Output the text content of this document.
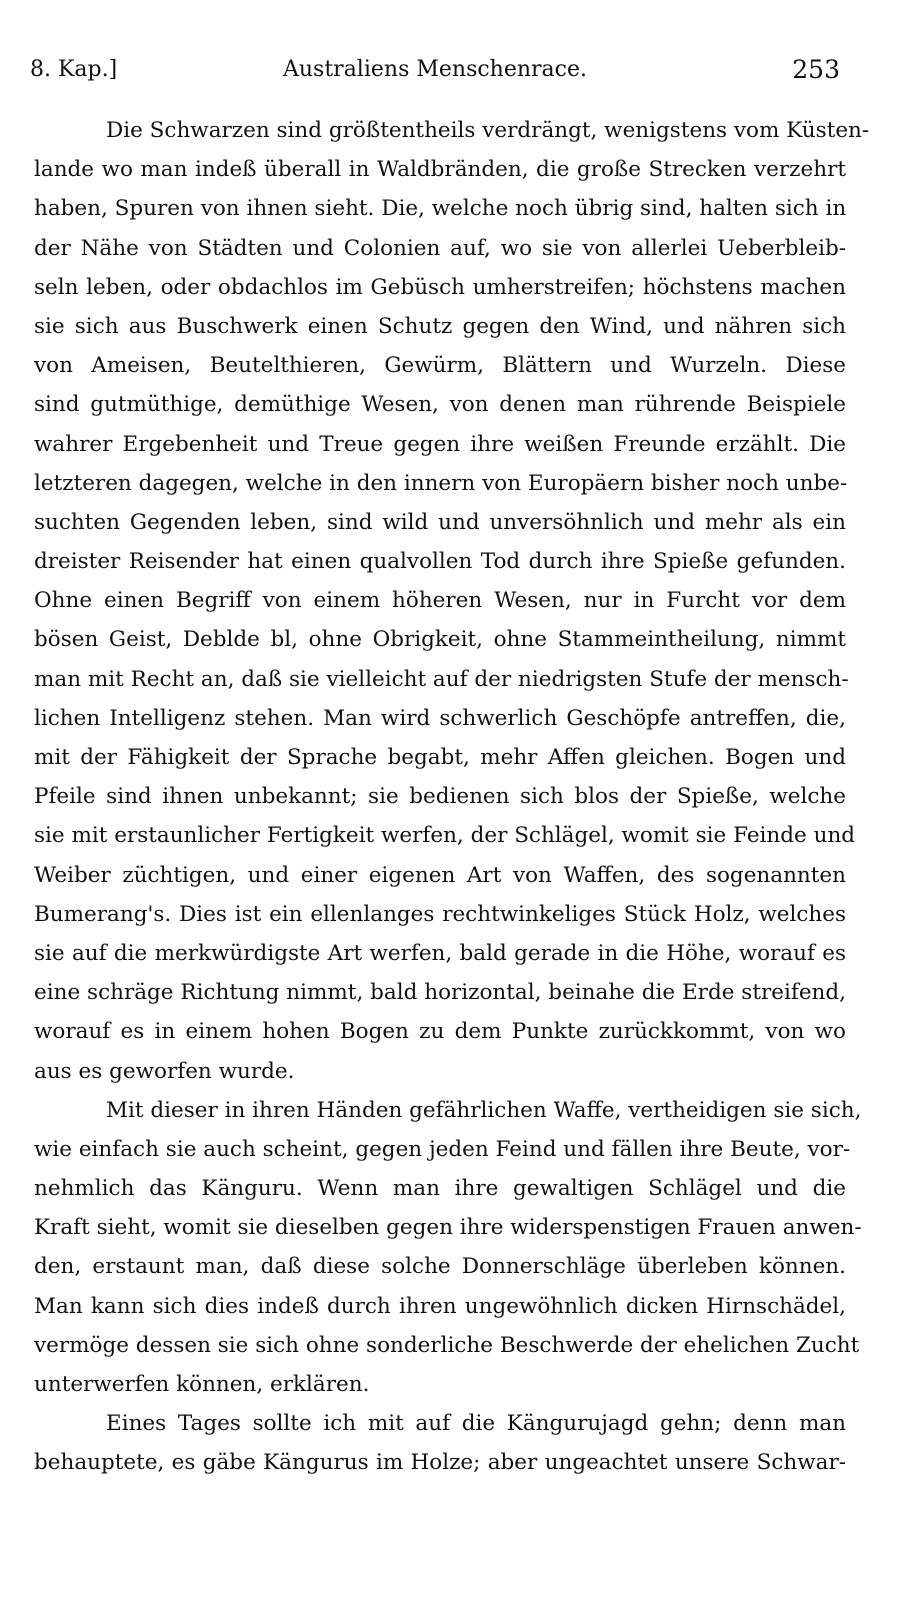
8. Kap.]	Australiens Menschenrace.	253
Die Schwarzen sind größtentheils verdrängt, wenigstens vom Küsten-
lande wo man indeß überall in Waldbränden, die große Strecken verzehrt
haben, Spuren von ihnen sieht. Die, welche noch übrig sind, halten sich in
der Nähe von Städten und Colonien auf, wo sie von allerlei Ueberbleib-
seln leben, oder obdachlos im Gebüsch umherstreifen; höchstens machen
sie sich aus Buschwerk einen Schutz gegen den Wind, und nähren sich
von Ameisen, Beutelthieren, Gewürm, Blättern und Wurzeln. Diese
sind gutmüthige, demüthige Wesen, von denen man rührende Beispiele
wahrer Ergebenheit und Treue gegen ihre weißen Freunde erzählt. Die
letzteren dagegen, welche in den innern von Europäern bisher noch unbe-
suchten Gegenden leben, sind wild und unversöhnlich und mehr als ein
dreister Reisender hat einen qualvollen Tod durch ihre Spieße gefunden.
Ohne einen Begriff von einem höheren Wesen, nur in Furcht vor dem
bösen Geist, Deblde bl, ohne Obrigkeit, ohne Stammeintheilung, nimmt
man mit Recht an, daß sie vielleicht auf der niedrigsten Stufe der mensch-
lichen Intelligenz stehen. Man wird schwerlich Geschöpfe antreffen, die,
mit der Fähigkeit der Sprache begabt, mehr Affen gleichen. Bogen und
Pfeile sind ihnen unbekannt; sie bedienen sich blos der Spieße, welche
sie mit erstaunlicher Fertigkeit werfen, der Schlägel, womit sie Feinde und
Weiber züchtigen, und einer eigenen Art von Waffen, des sogenannten
Bumerang's. Dies ist ein ellenlanges rechtwinkeliges Stück Holz, welches
sie auf die merkwürdigste Art werfen, bald gerade in die Höhe, worauf es
eine schräge Richtung nimmt, bald horizontal, beinahe die Erde streifend,
worauf es in einem hohen Bogen zu dem Punkte zurückkommt, von wo
aus es geworfen wurde.
Mit dieser in ihren Händen gefährlichen Waffe, vertheidigen sie sich,
wie einfach sie auch scheint, gegen jeden Feind und fällen ihre Beute, vor-
nehmlich das Känguru. Wenn man ihre gewaltigen Schlägel und die
Kraft sieht, womit sie dieselben gegen ihre widerspenstigen Frauen anwen-
den, erstaunt man, daß diese solche Donnerschläge überleben können.
Man kann sich dies indeß durch ihren ungewöhnlich dicken Hirnschädel,
vermöge dessen sie sich ohne sonderliche Beschwerde der ehelichen Zucht
unterwerfen können, erklären.
Eines Tages sollte ich mit auf die Kängurujagd gehn; denn man
behauptete, es gäbe Kängurus im Holze; aber ungeachtet unsere Schwar-
